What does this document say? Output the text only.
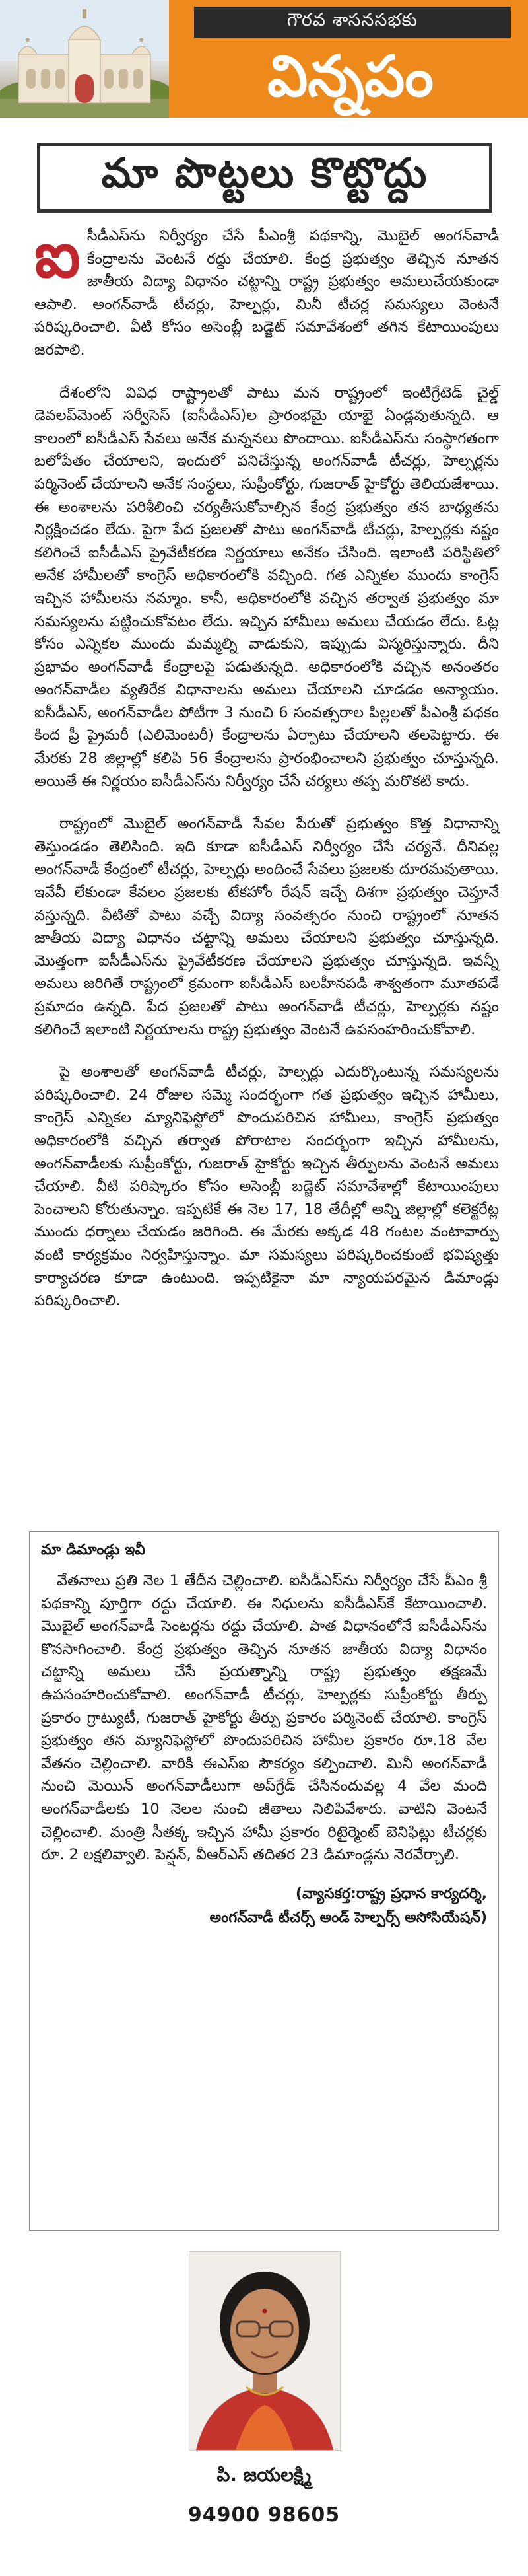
గౌరవ శాసనసభకు
విన్నపం
మా పొట్టలు కొట్టొద్దు

ఐ సీడీఎస్‌ను నిర్వీర్యం చేసే పీఎంశ్రీ పథకాన్ని, మొబైల్ అంగన్‌వాడీ కేంద్రాలను వెంటనే రద్దు చేయాలి. కేంద్ర ప్రభుత్వం తెచ్చిన నూతన జాతీయ విద్యా విధానం చట్టాన్ని రాష్ట్ర ప్రభుత్వం అమలుచేయకుండా ఆపాలి. అంగన్‌వాడీ టీచర్లు, హెల్పర్లు, మినీ టీచర్ల సమస్యలు వెంటనే పరిష్కరించాలి. వీటి కోసం అసెంబ్లీ బడ్జెట్ సమావేశంలో తగిన కేటాయింపులు జరపాలి.

దేశంలోని వివిధ రాష్ట్రాలతో పాటు మన రాష్ట్రంలో ఇంటిగ్రేటెడ్ చైల్డ్ డెవలప్‌మెంట్ సర్వీసెస్ (ఐసీడీఎస్)ల ప్రారంభమై యాభై ఏండ్లవుతున్నది. ఆ కాలంలో ఐసీడీఎస్ సేవలు అనేక మన్ననలు పొందాయి. ఐసీడీఎస్‌ను సంస్థాగతంగా బలోపేతం చేయాలని, ఇందులో పనిచేస్తున్న అంగన్‌వాడీ టీచర్లు, హెల్పర్లను పర్మినెంట్ చేయాలని అనేక సంస్థలు, సుప్రీంకోర్టు, గుజరాత్ హైకోర్టు తెలియజేశాయి. ఈ అంశాలను పరిశీలించి చర్యతీసుకోవాల్సిన కేంద్ర ప్రభుత్వం తన బాధ్యతను నిర్లక్షించడం లేదు. పైగా పేద ప్రజలతో పాటు అంగన్‌వాడీ టీచర్లు, హెల్పర్లకు నష్టం కలిగించే ఐసీడీఎస్ ప్రైవేటీకరణ నిర్ణయాలు అనేకం చేసింది. ఇలాంటి పరిస్థితిలో అనేక హామీలతో కాంగ్రెస్ అధికారంలోకి వచ్చింది. గత ఎన్నికల ముందు కాంగ్రెస్ ఇచ్చిన హామీలను నమ్మాం. కానీ, అధికారంలోకి వచ్చిన తర్వాత ప్రభుత్వం మా సమస్యలను పట్టించుకోవటం లేదు. ఇచ్చిన హామీలు అమలు చేయడం లేదు. ఓట్ల కోసం ఎన్నికల ముందు మమ్మల్ని వాడుకుని, ఇప్పుడు విస్మరిస్తున్నారు. దీని ప్రభావం అంగన్‌వాడీ కేంద్రాలపై పడుతున్నది. అధికారంలోకి వచ్చిన అనంతరం అంగన్‌వాడీల వ్యతిరేక విధానాలను అమలు చేయాలని చూడడం అన్యాయం. ఐసీడీఎస్, అంగన్‌వాడీల పోటీగా 3 నుంచి 6 సంవత్సరాల పిల్లలతో పీఎంశ్రీ పథకం కింద ప్రీ ప్రైమరీ (ఎలిమెంటరీ) కేంద్రాలను ఏర్పాటు చేయాలని తలపెట్టారు. ఈ మేరకు 28 జిల్లాల్లో కలిపి 56 కేంద్రాలను ప్రారంభించాలని ప్రభుత్వం చూస్తున్నది. అయితే ఈ నిర్ణయం ఐసీడీఎస్‌ను నిర్వీర్యం చేసే చర్యలు తప్ప మరొకటి కాదు.

రాష్ట్రంలో మొబైల్ అంగన్‌వాడీ సేవల పేరుతో ప్రభుత్వం కొత్త విధానాన్ని తెస్తుండడం తెలిసింది. ఇది కూడా ఐసీడీఎస్ నిర్వీర్యం చేసే చర్యనే. దీనివల్ల అంగన్‌వాడీ కేంద్రంలో టీచర్లు, హెల్పర్లు అందించే సేవలు ప్రజలకు దూరమవుతాయి. ఇవేవీ లేకుండా కేవలం ప్రజలకు టేకహోం రేషన్ ఇచ్చే దిశగా ప్రభుత్వం చెప్తూనే వస్తున్నది. వీటితో పాటు వచ్చే విద్యా సంవత్సరం నుంచి రాష్ట్రంలో నూతన జాతీయ విద్యా విధానం చట్టాన్ని అమలు చేయాలని ప్రభుత్వం చూస్తున్నది. మొత్తంగా ఐసీడీఎస్‌ను ప్రైవేటీకరణ చేయాలని ప్రభుత్వం చూస్తున్నది. ఇవన్నీ అమలు జరిగితే రాష్ట్రంలో క్రమంగా ఐసీడీఎస్ బలహీనపడి శాశ్వతంగా మూతపడే ప్రమాదం ఉన్నది. పేద ప్రజలతో పాటు అంగన్‌వాడీ టీచర్లు, హెల్పర్లకు నష్టం కలిగించే ఇలాంటి నిర్ణయాలను రాష్ట్ర ప్రభుత్వం వెంటనే ఉపసంహరించుకోవాలి.

పై అంశాలతో అంగన్‌వాడీ టీచర్లు, హెల్పర్లు ఎదుర్కొంటున్న సమస్యలను పరిష్కరించాలి. 24 రోజుల సమ్మె సందర్భంగా గత ప్రభుత్వం ఇచ్చిన హామీలు, కాంగ్రెస్ ఎన్నికల మ్యానిఫెస్టోలో పొందుపరిచిన హామీలు, కాంగ్రెస్ ప్రభుత్వం అధికారంలోకి వచ్చిన తర్వాత పోరాటాల సందర్భంగా ఇచ్చిన హామీలను, అంగన్‌వాడీలకు సుప్రీంకోర్టు, గుజరాత్ హైకోర్టు ఇచ్చిన తీర్పులను వెంటనే అమలు చేయాలి. వీటి పరిష్కారం కోసం అసెంబ్లీ బడ్జెట్ సమావేశాల్లో కేటాయింపులు పెంచాలని కోరుతున్నాం. ఇప్పటికే ఈ నెల 17, 18 తేదీల్లో అన్ని జిల్లాల్లో కలెక్టరేట్ల ముందు ధర్నాలు చేయడం జరిగింది. ఈ మేరకు అక్కడ 48 గంటల వంటావార్పు వంటి కార్యక్రమం నిర్వహిస్తున్నాం. మా సమస్యలు పరిష్కరించకుంటే భవిష్యత్తు కార్యాచరణ కూడా ఉంటుంది. ఇప్పటికైనా మా న్యాయపరమైన డిమాండ్లు పరిష్కరించాలి.

మా డిమాండ్లు ఇవీ
వేతనాలు ప్రతి నెల 1 తేదీన చెల్లించాలి. ఐసీడీఎస్‌ను నిర్వీర్యం చేసే పీఎం శ్రీ పథకాన్ని పూర్తిగా రద్దు చేయాలి. ఈ నిధులను ఐసీడీఎస్‌కే కేటాయించాలి. మొబైల్ అంగన్‌వాడీ సెంటర్లను రద్దు చేయాలి. పాత విధానంలోనే ఐసీడీఎస్‌ను కొనసాగించాలి. కేంద్ర ప్రభుత్వం తెచ్చిన నూతన జాతీయ విద్యా విధానం చట్టాన్ని అమలు చేసే ప్రయత్నాన్ని రాష్ట్ర ప్రభుత్వం తక్షణమే ఉపసంహరించుకోవాలి. అంగన్‌వాడీ టీచర్లు, హెల్పర్లకు సుప్రీంకోర్టు తీర్పు ప్రకారం గ్రాట్యుటీ, గుజరాత్ హైకోర్టు తీర్పు ప్రకారం పర్మినెంట్ చేయాలి. కాంగ్రెస్ ప్రభుత్వం తన మ్యానిఫెస్టోలో పొందుపరిచిన హామీల ప్రకారం రూ.18 వేల వేతనం చెల్లించాలి. వారికి ఈఎస్ఐ సౌకర్యం కల్పించాలి. మినీ అంగన్‌వాడీ నుంచి మెయిన్ అంగన్‌వాడీలుగా అప్‌గ్రేడ్ చేసినందువల్ల 4 వేల మంది అంగన్‌వాడీలకు 10 నెలల నుంచి జీతాలు నిలిపివేశారు. వాటిని వెంటనే చెల్లించాలి. మంత్రి సీతక్క ఇచ్చిన హామీ ప్రకారం రిటైర్మెంట్ బెనిఫిట్లు టీచర్లకు రూ. 2 లక్షలివ్వాలి. పెన్షన్, వీఆర్ఎస్ తదితర 23 డిమాండ్లను నెరవేర్చాలి.
(వ్యాసకర్త:రాష్ట్ర ప్రధాన కార్యదర్శి,
అంగన్‌వాడీ టీచర్స్ అండ్ హెల్పర్స్ అసోసియేషన్)
పి. జయలక్ష్మి
94900 98605
